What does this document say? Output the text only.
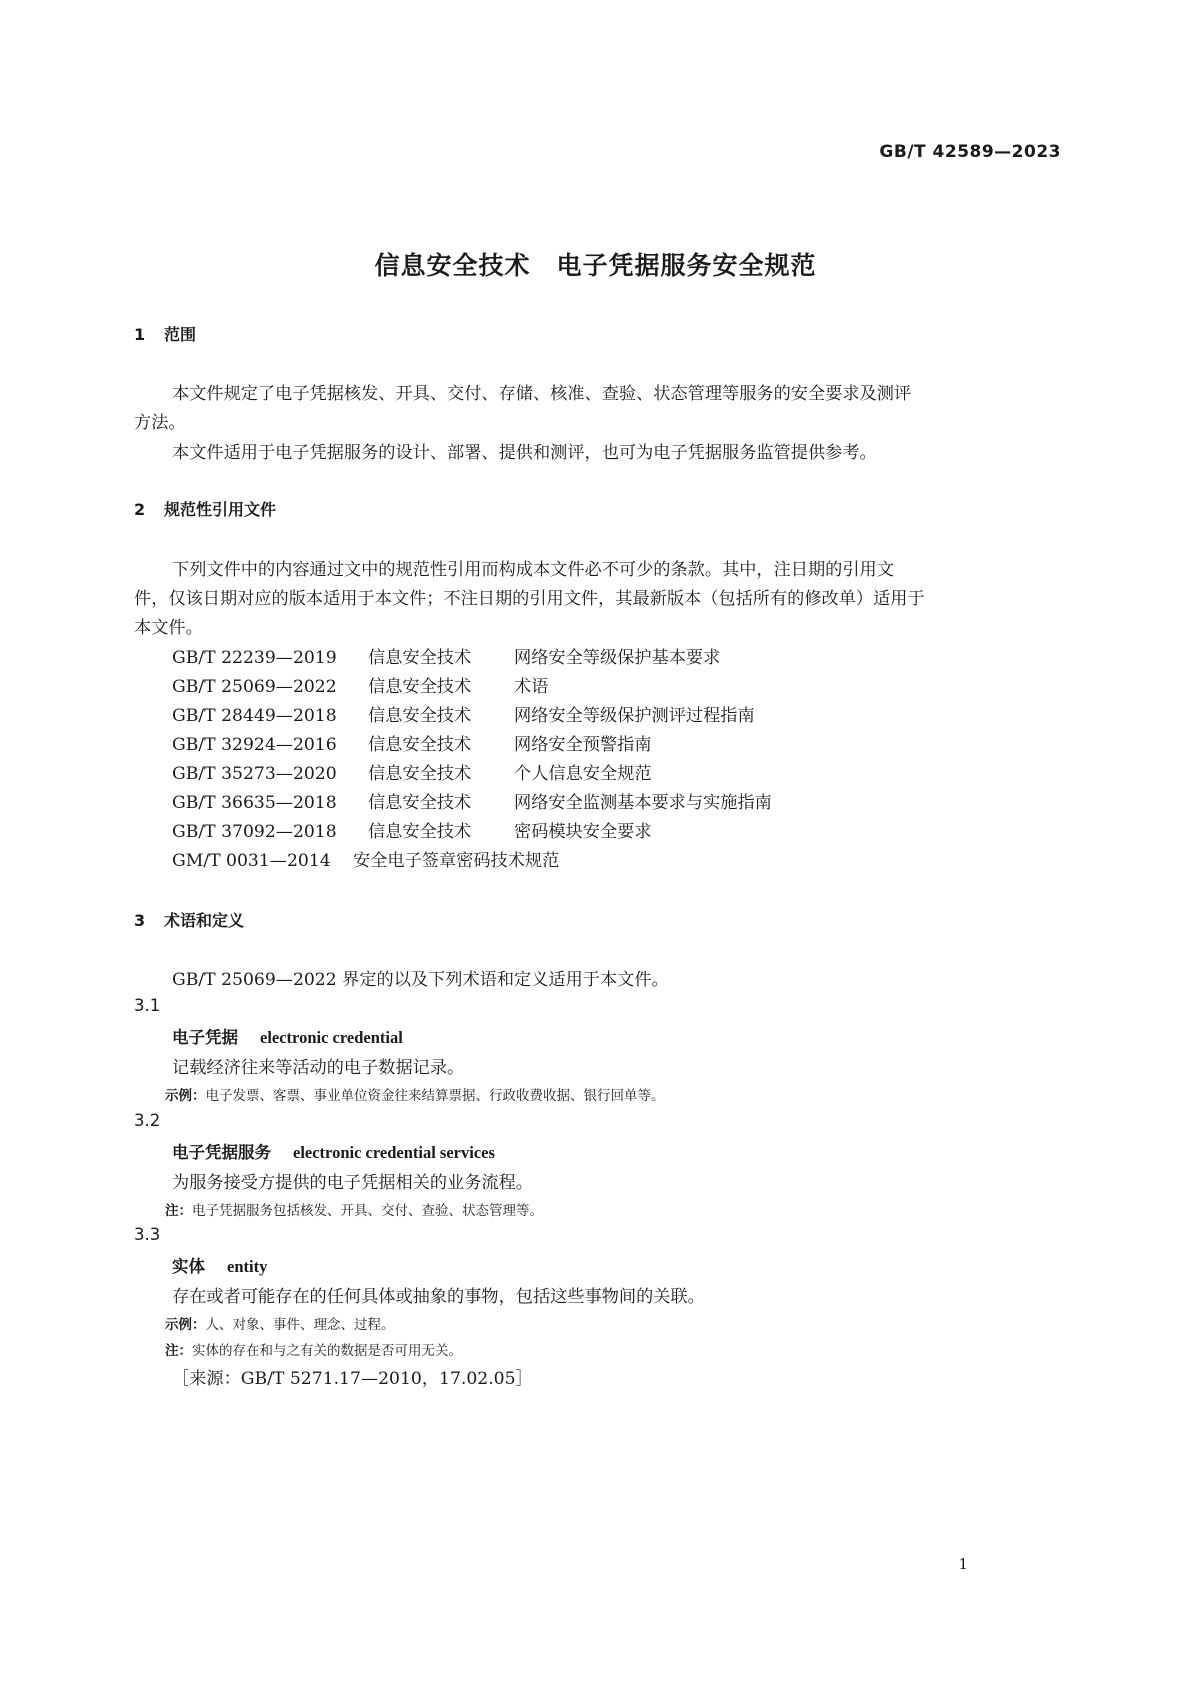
GB/T 42589—2023
信息安全技术　电子凭据服务安全规范
1 范围
本文件规定了电子凭据核发、开具、交付、存储、核准、查验、状态管理等服务的安全要求及测评
方法。
本文件适用于电子凭据服务的设计、部署、提供和测评，也可为电子凭据服务监管提供参考。
2 规范性引用文件
下列文件中的内容通过文中的规范性引用而构成本文件必不可少的条款。其中，注日期的引用文
件，仅该日期对应的版本适用于本文件；不注日期的引用文件，其最新版本（包括所有的修改单）适用于
本文件。
GB/T 22239—2019 信息安全技术 网络安全等级保护基本要求
GB/T 25069—2022 信息安全技术 术语
GB/T 28449—2018 信息安全技术 网络安全等级保护测评过程指南
GB/T 32924—2016 信息安全技术 网络安全预警指南
GB/T 35273—2020 信息安全技术 个人信息安全规范
GB/T 36635—2018 信息安全技术 网络安全监测基本要求与实施指南
GB/T 37092—2018 信息安全技术 密码模块安全要求
GM/T 0031—2014 安全电子签章密码技术规范
3 术语和定义
GB/T 25069—2022 界定的以及下列术语和定义适用于本文件。
3.1
电子凭据 electronic credential
记载经济往来等活动的电子数据记录。
示例：电子发票、客票、事业单位资金往来结算票据、行政收费收据、银行回单等。
3.2
电子凭据服务 electronic credential services
为服务接受方提供的电子凭据相关的业务流程。
注：电子凭据服务包括核发、开具、交付、查验、状态管理等。
3.3
实体 entity
存在或者可能存在的任何具体或抽象的事物，包括这些事物间的关联。
示例：人、对象、事件、理念、过程。
注：实体的存在和与之有关的数据是否可用无关。
［来源：GB/T 5271.17—2010，17.02.05］
1
